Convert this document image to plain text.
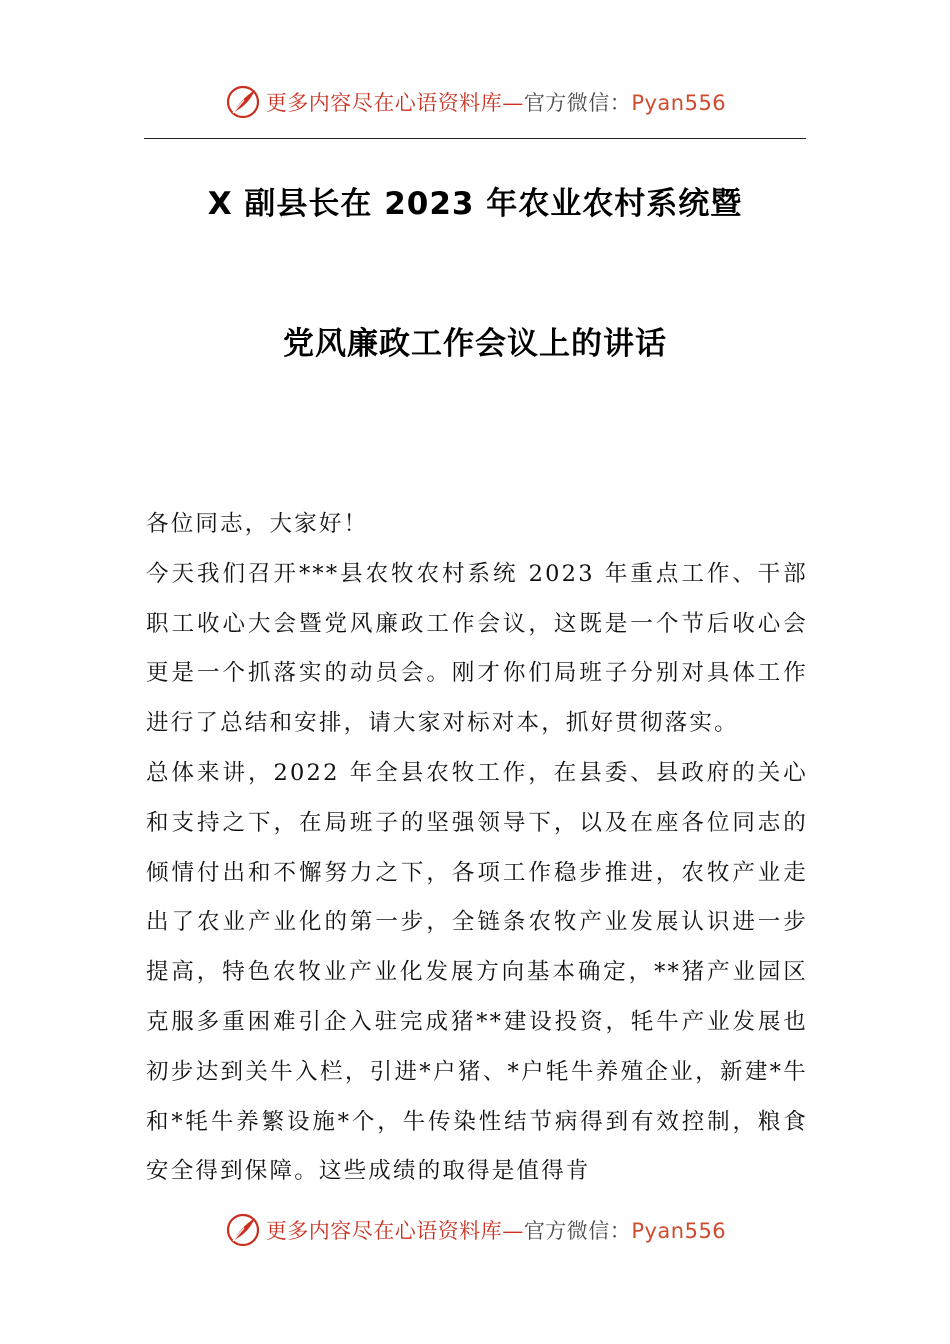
更多内容尽在心语资料库—官方微信：Pyan556
X 副县长在 2023 年农业农村系统暨
党风廉政工作会议上的讲话

各位同志，大家好！

今天我们召开***县农牧农村系统 2023 年重点工作、干部职工收心大会暨党风廉政工作会议，这既是一个节后收心会更是一个抓落实的动员会。刚才你们局班子分别对具体工作进行了总结和安排，请大家对标对本，抓好贯彻落实。

总体来讲，2022 年全县农牧工作，在县委、县政府的关心和支持之下，在局班子的坚强领导下，以及在座各位同志的倾情付出和不懈努力之下，各项工作稳步推进，农牧产业走出了农业产业化的第一步，全链条农牧产业发展认识进一步提高，特色农牧业产业化发展方向基本确定，**猪产业园区克服多重困难引企入驻完成猪**建设投资，牦牛产业发展也初步达到关牛入栏，引进*户猪、*户牦牛养殖企业，新建*牛和*牦牛养繁设施*个，牛传染性结节病得到有效控制，粮食安全得到保障。这些成绩的取得是值得肯

更多内容尽在心语资料库—官方微信：Pyan556
